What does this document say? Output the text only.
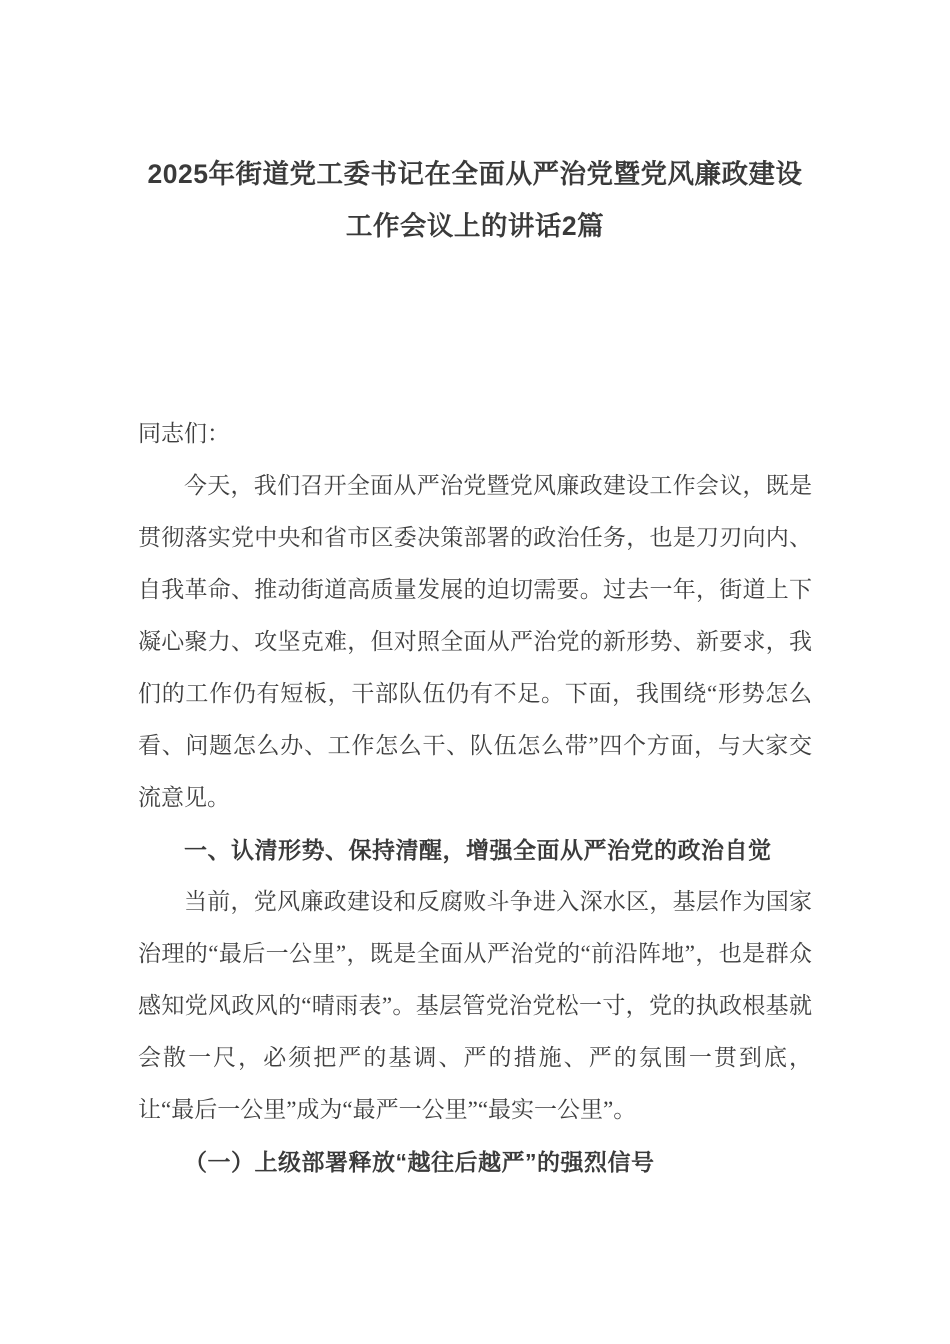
2025年街道党工委书记在全面从严治党暨党风廉政建设工作会议上的讲话2篇

同志们：

今天，我们召开全面从严治党暨党风廉政建设工作会议，既是贯彻落实党中央和省市区委决策部署的政治任务，也是刀刃向内、自我革命、推动街道高质量发展的迫切需要。过去一年，街道上下凝心聚力、攻坚克难，但对照全面从严治党的新形势、新要求，我们的工作仍有短板，干部队伍仍有不足。下面，我围绕“形势怎么看、问题怎么办、工作怎么干、队伍怎么带”四个方面，与大家交流意见。

一、认清形势、保持清醒，增强全面从严治党的政治自觉

当前，党风廉政建设和反腐败斗争进入深水区，基层作为国家治理的“最后一公里”，既是全面从严治党的“前沿阵地”，也是群众感知党风政风的“晴雨表”。基层管党治党松一寸，党的执政根基就会散一尺，必须把严的基调、严的措施、严的氛围一贯到底，让“最后一公里”成为“最严一公里”“最实一公里”。

（一）上级部署释放“越往后越严”的强烈信号
